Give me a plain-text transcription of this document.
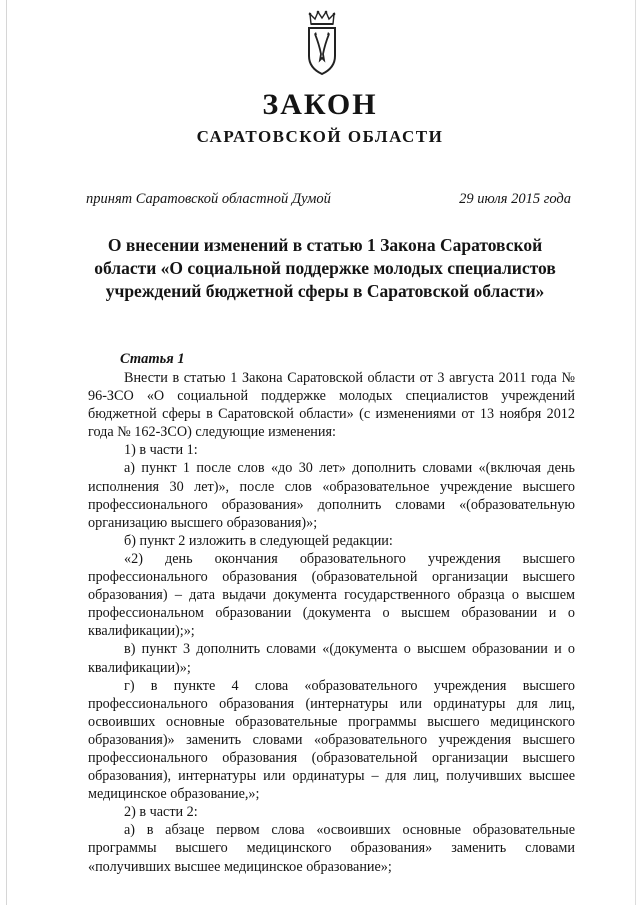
ЗАКОН
САРАТОВСКОЙ ОБЛАСТИ
принят Саратовской областной Думой	29 июля 2015 года
О внесении изменений в статью 1 Закона Саратовской области «О социальной поддержке молодых специалистов учреждений бюджетной сферы в Саратовской области»
Статья 1

Внести в статью 1 Закона Саратовской области от 3 августа 2011 года № 96-ЗСО «О социальной поддержке молодых специалистов учреждений бюджетной сферы в Саратовской области» (с изменениями от 13 ноября 2012 года № 162-ЗСО) следующие изменения:

1) в части 1:

а) пункт 1 после слов «до 30 лет» дополнить словами «(включая день исполнения 30 лет)», после слов «образовательное учреждение высшего профессионального образования» дополнить словами «(образовательную организацию высшего образования)»;

б) пункт 2 изложить в следующей редакции:

«2) день окончания образовательного учреждения высшего профессионального образования (образовательной организации высшего образования) – дата выдачи документа государственного образца о высшем профессиональном образовании (документа о высшем образовании и о квалификации);»;

в) пункт 3 дополнить словами «(документа о высшем образовании и о квалификации)»;

г) в пункте 4 слова «образовательного учреждения высшего профессионального образования (интернатуры или ординатуры для лиц, освоивших основные образовательные программы высшего медицинского образования)» заменить словами «образовательного учреждения высшего профессионального образования (образовательной организации высшего образования), интернатуры или ординатуры – для лиц, получивших высшее медицинское образование,»;

2) в части 2:

а) в абзаце первом слова «освоивших основные образовательные программы высшего медицинского образования» заменить словами «получивших высшее медицинское образование»;
